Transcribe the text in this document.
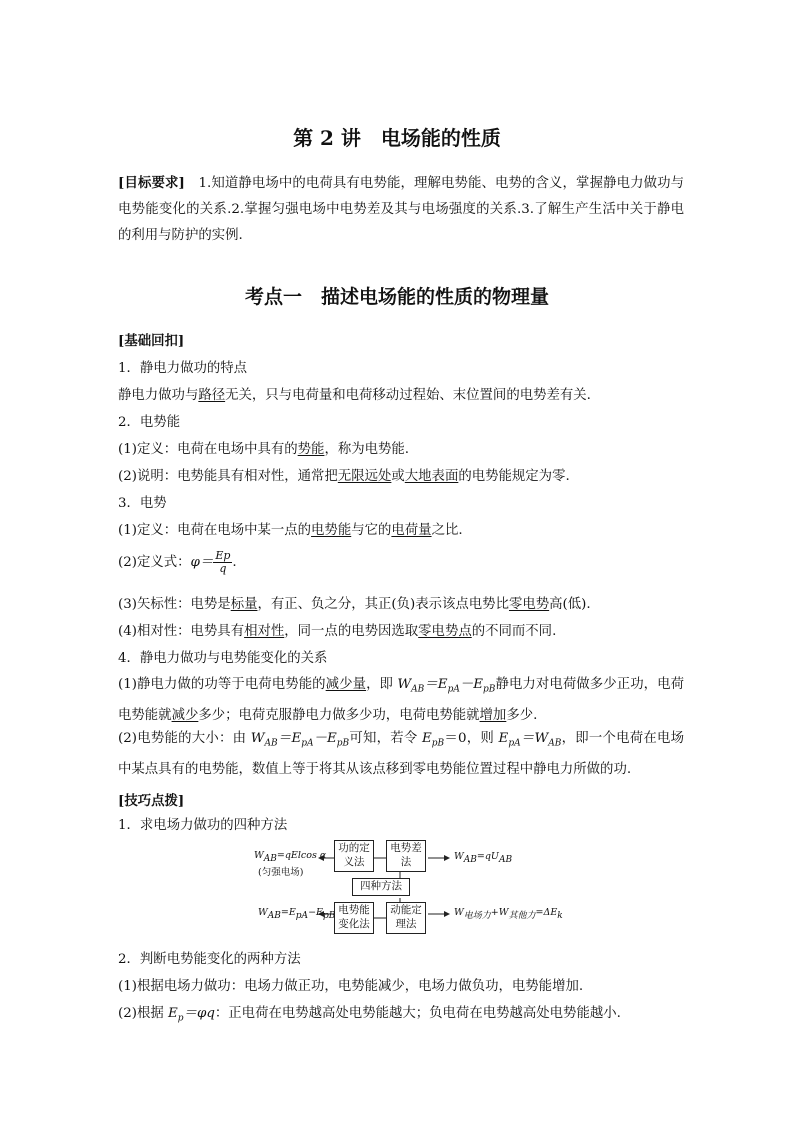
第 2 讲　电场能的性质
[目标要求]　1.知道静电场中的电荷具有电势能，理解电势能、电势的含义，掌握静电力做功与电势能变化的关系.2.掌握匀强电场中电势差及其与电场强度的关系.3.了解生产生活中关于静电的利用与防护的实例.
考点一　描述电场能的性质的物理量
[基础回扣]
1．静电力做功的特点
静电力做功与路径无关，只与电荷量和电荷移动过程始、末位置间的电势差有关.
2．电势能
(1)定义：电荷在电场中具有的势能，称为电势能.
(2)说明：电势能具有相对性，通常把无限远处或大地表面的电势能规定为零.
3．电势
(1)定义：电荷在电场中某一点的电势能与它的电荷量之比.
(2)定义式：$\varphi= \frac{Ep}{q}$ .
(3)矢标性：电势是标量，有正、负之分，其正(负)表示该点电势比零电势高(低).
(4)相对性：电势具有相对性，同一点的电势因选取零电势点的不同而不同.
4．静电力做功与电势能变化的关系
(1)静电力做的功等于电荷电势能的减少量，即 $W_{AB}=E_{pA}-E_{pB}$静电力对电荷做多少正功，电荷电势能就减少多少；电荷克服静电力做多少功，电荷电势能就增加多少.
(2)电势能的大小：由 $W_{AB}=E_{pA}-E_{pB}$可知，若令 $E_{pB}=0$，则 $E_{pA}=W_{AB}$，即一个电荷在电场中某点具有的电势能，数值上等于将其从该点移到零电势能位置过程中静电力所做的功.
[技巧点拨]
1．求电场力做功的四种方法
功的定义法
电势差法
四种方法
电势能变化法
动能定理法
$W_{AB}=qElcos$ α
(匀强电场)
$W_{AB}=qU_{AB}$
$W_{AB}=E_{pA}-E_{pB}$	$W_{电场力}+W_{其他力}=\Delta E_k$
2．判断电势能变化的两种方法
(1)根据电场力做功：电场力做正功，电势能减少，电场力做负功，电势能增加.
(2)根据 $E_p=\varphi q$：正电荷在电势越高处电势能越大；负电荷在电势越高处电势能越小.
